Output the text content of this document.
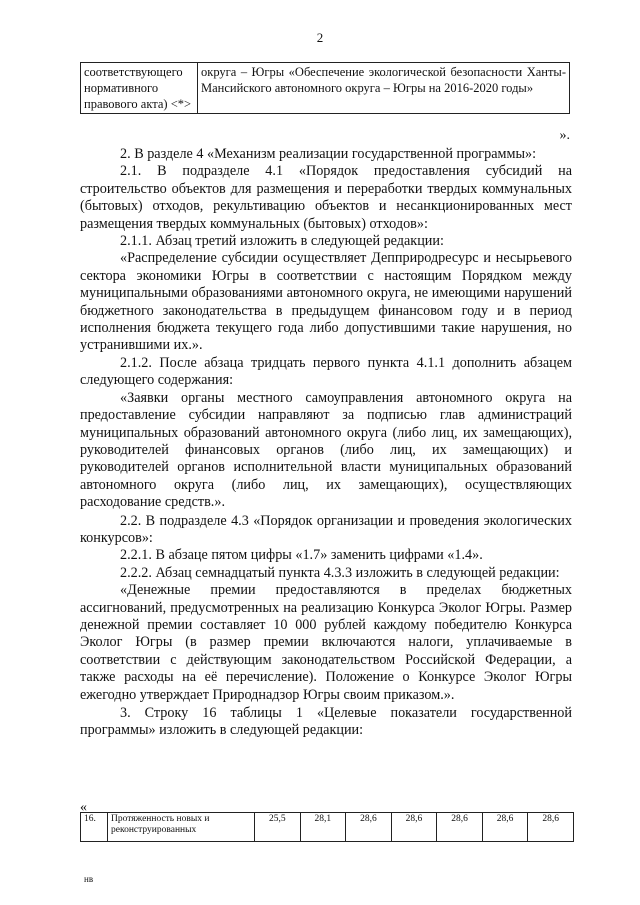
2
соответствующего нормативного правового акта) <*>	округа – Югры «Обеспечение экологической безопасности Ханты-Мансийского автономного округа – Югры на 2016-2020 годы»
».

2. В разделе 4 «Механизм реализации государственной программы»:

2.1. В подразделе 4.1 «Порядок предоставления субсидий на строительство объектов для размещения и переработки твердых коммунальных (бытовых) отходов, рекультивацию объектов и несанкционированных мест размещения твердых коммунальных (бытовых) отходов»:

2.1.1. Абзац третий изложить в следующей редакции:

«Распределение субсидии осуществляет Депприродресурс и несырьевого сектора экономики Югры в соответствии с настоящим Порядком между муниципальными образованиями автономного округа, не имеющими нарушений бюджетного законодательства в предыдущем финансовом году и в период исполнения бюджета текущего года либо допустившими такие нарушения, но устранившими их.».

2.1.2. После абзаца тридцать первого пункта 4.1.1 дополнить абзацем следующего содержания:

«Заявки органы местного самоуправления автономного округа на предоставление субсидии направляют за подписью глав администраций муниципальных образований автономного округа (либо лиц, их замещающих), руководителей финансовых органов (либо лиц, их замещающих) и руководителей органов исполнительной власти муниципальных образований автономного округа (либо лиц, их замещающих), осуществляющих расходование средств.».

2.2. В подразделе 4.3 «Порядок организации и проведения экологических конкурсов»:

2.2.1. В абзаце пятом цифры «1.7» заменить цифрами «1.4».

2.2.2. Абзац семнадцатый пункта 4.3.3 изложить в следующей редакции:

«Денежные премии предоставляются в пределах бюджетных ассигнований, предусмотренных на реализацию Конкурса Эколог Югры. Размер денежной премии составляет 10 000 рублей каждому победителю Конкурса Эколог Югры (в размер премии включаются налоги, уплачиваемые в соответствии с действующим законодательством Российской Федерации, а также расходы на её перечисление). Положение о Конкурсе Эколог Югры ежегодно утверждает Природнадзор Югры своим приказом.».

3. Строку 16 таблицы 1 «Целевые показатели государственной программы» изложить в следующей редакции:

«
16.	Протяженность новых и реконструированных	25,5	28,1	28,6	28,6	28,6	28,6	28,6
нв
